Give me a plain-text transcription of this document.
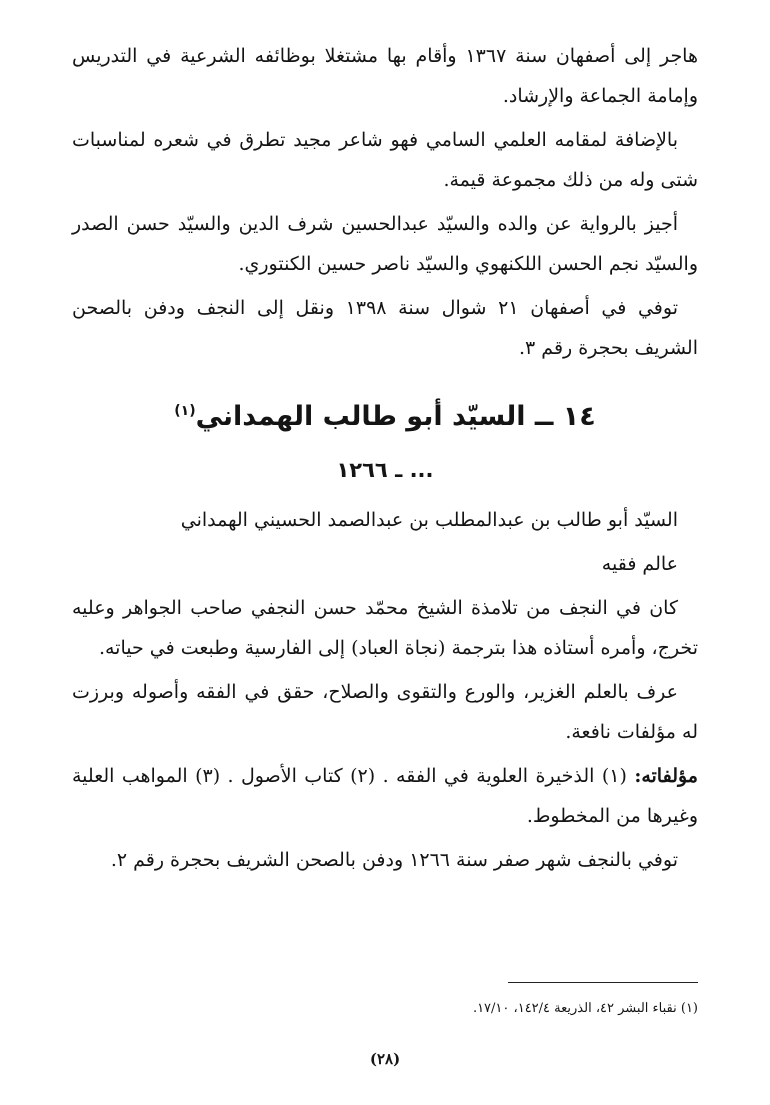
هاجر إلى أصفهان سنة ١٣٦٧ وأقام بها مشتغلا بوظائفه الشرعية في التدريس وإمامة الجماعة والإرشاد.

بالإضافة لمقامه العلمي السامي فهو شاعر مجيد تطرق في شعره لمناسبات شتى وله من ذلك مجموعة قيمة.

أجيز بالرواية عن والده والسيّد عبدالحسين شرف الدين والسيّد حسن الصدر والسيّد نجم الحسن اللكنهوي والسيّد ناصر حسين الكنتوري.

توفي في أصفهان ٢١ شوال سنة ١٣٩٨ ونقل إلى النجف ودفن بالصحن الشريف بحجرة رقم ٣.

١٤ ــ السيّد أبو طالب الهمداني$^{(١)}$
... ـ ١٢٦٦

السيّد أبو طالب بن عبدالمطلب بن عبدالصمد الحسيني الهمداني

عالم فقيه

كان في النجف من تلامذة الشيخ محمّد حسن النجفي صاحب الجواهر وعليه تخرج، وأمره أستاذه هذا بترجمة (نجاة العباد) إلى الفارسية وطبعت في حياته.

عرف بالعلم الغزير، والورع والتقوى والصلاح، حقق في الفقه وأصوله وبرزت له مؤلفات نافعة.

مؤلفاته: (١) الذخيرة العلوية في الفقه . (٢) كتاب الأصول . (٣) المواهب العلية وغيرها من المخطوط.

توفي بالنجف شهر صفر سنة ١٢٦٦ ودفن بالصحن الشريف بحجرة رقم ٢.

(١) نقباء البشر ٤٢، الذريعة ١٤٢/٤، ١٧/١٠.
(٢٨)
